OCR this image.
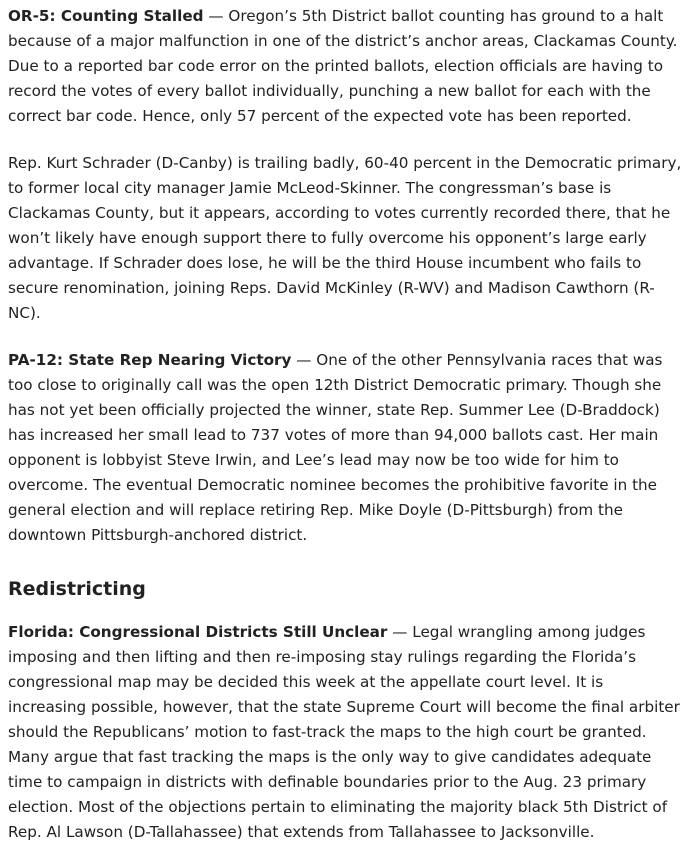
OR-5: Counting Stalled — Oregon’s 5th District ballot counting has ground to a halt because of a major malfunction in one of the district’s anchor areas, Clackamas County. Due to a reported bar code error on the printed ballots, election officials are having to record the votes of every ballot individually, punching a new ballot for each with the correct bar code. Hence, only 57 percent of the expected vote has been reported.

Rep. Kurt Schrader (D-Canby) is trailing badly, 60-40 percent in the Democratic primary, to former local city manager Jamie McLeod-Skinner. The congressman’s base is Clackamas County, but it appears, according to votes currently recorded there, that he won’t likely have enough support there to fully overcome his opponent’s large early advantage. If Schrader does lose, he will be the third House incumbent who fails to secure renomination, joining Reps. David McKinley (R-WV) and Madison Cawthorn (R-NC).

PA-12: State Rep Nearing Victory — One of the other Pennsylvania races that was too close to originally call was the open 12th District Democratic primary. Though she has not yet been officially projected the winner, state Rep. Summer Lee (D-Braddock) has increased her small lead to 737 votes of more than 94,000 ballots cast. Her main opponent is lobbyist Steve Irwin, and Lee’s lead may now be too wide for him to overcome. The eventual Democratic nominee becomes the prohibitive favorite in the general election and will replace retiring Rep. Mike Doyle (D-Pittsburgh) from the downtown Pittsburgh-anchored district.

Redistricting

Florida: Congressional Districts Still Unclear — Legal wrangling among judges imposing and then lifting and then re-imposing stay rulings regarding the Florida’s congressional map may be decided this week at the appellate court level. It is increasing possible, however, that the state Supreme Court will become the final arbiter should the Republicans’ motion to fast-track the maps to the high court be granted. Many argue that fast tracking the maps is the only way to give candidates adequate time to campaign in districts with definable boundaries prior to the Aug. 23 primary election. Most of the objections pertain to eliminating the majority black 5th District of Rep. Al Lawson (D-Tallahassee) that extends from Tallahassee to Jacksonville.
